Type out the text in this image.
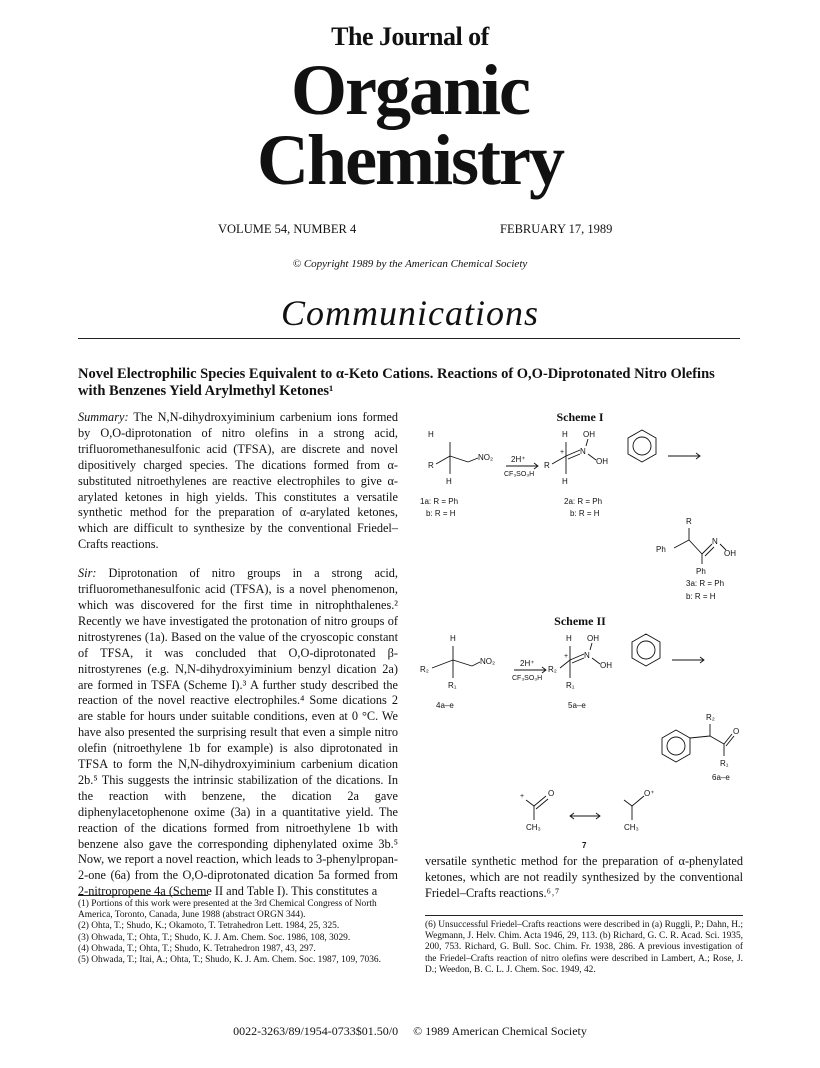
The Journal of
Organic
Chemistry
VOLUME 54, NUMBER 4	FEBRUARY 17, 1989
© Copyright 1989 by the American Chemical Society
Communications
Novel Electrophilic Species Equivalent to α-Keto Cations. Reactions of O,O-Diprotonated Nitro Olefins with Benzenes Yield Arylmethyl Ketones¹

Summary: The N,N-dihydroxyiminium carbenium ions formed by O,O-diprotonation of nitro olefins in a strong acid, trifluoromethanesulfonic acid (TFSA), are discrete and novel dipositively charged species. The dications formed from α-substituted nitroethylenes are reactive electrophiles to give α-arylated ketones in high yields. This constitutes a versatile synthetic method for the preparation of α-arylated ketones, which are difficult to synthesize by the conventional Friedel–Crafts reactions.

Sir: Diprotonation of nitro groups in a strong acid, trifluoromethanesulfonic acid (TFSA), is a novel phenomenon, which was discovered for the first time in nitrophthalenes.² Recently we have investigated the protonation of nitro groups of nitrostyrenes (1a). Based on the value of the cryoscopic constant of TFSA, it was concluded that O,O-diprotonated β-nitrostyrenes (e.g. N,N-dihydroxyiminium benzyl dication 2a) are formed in TSFA (Scheme I).³ A further study described the reaction of the novel reactive electrophiles.⁴ Some dications 2 are stable for hours under suitable conditions, even at 0 °C. We have also presented the surprising result that even a simple nitro olefin (nitroethylene 1b for example) is also diprotonated in TFSA to form the N,N-dihydroxyiminium carbenium dication 2b.⁵ This suggests the intrinsic stabilization of the dications. In the reaction with benzene, the dication 2a gave diphenylacetophenone oxime (3a) in a quantitative yield. The reaction of the dications formed from nitroethylene 1b with benzene also gave the corresponding diphenylated oxime 3b.⁵ Now, we report a novel reaction, which leads to 3-phenylpropan-2-one (6a) from the O,O-diprotonated dication 5a formed from 2-nitropropene 4a (Scheme II and Table I). This constitutes a

(1) Portions of this work were presented at the 3rd Chemical Congress of North America, Toronto, Canada, June 1988 (abstract ORGN 344).
(2) Ohta, T.; Shudo, K.; Okamoto, T. Tetrahedron Lett. 1984, 25, 325.
(3) Ohwada, T.; Ohta, T.; Shudo, K. J. Am. Chem. Soc. 1986, 108, 3029.
(4) Ohwada, T.; Ohta, T.; Shudo, K. Tetrahedron 1987, 43, 297.
(5) Ohwada, T.; Itai, A.; Ohta, T.; Shudo, K. J. Am. Chem. Soc. 1987, 109, 7036.
Scheme I
H
R
H
NO₂
1a: R = Ph
b: R = H
2H⁺
CF₃SO₃H
H OH
R
+
H
N
OH
2a: R = Ph
b: R = H
R
Ph
Ph
N
OH
3a: R = Ph
b: R = H
Scheme II
H
R₂
R₁
NO₂
4a–e
2H⁺
CF₃SO₃H
H OH
R₂
+
R₁
N
OH
5a–e
R₂
O
R₁
6a–e
+	O
CH₃
O⁺
CH₃
7

versatile synthetic method for the preparation of α-phenylated ketones, which are not readily synthesized by the conventional Friedel–Crafts reactions.⁶˒⁷

(6) Unsuccessful Friedel–Crafts reactions were described in (a) Ruggli, P.; Dahn, H.; Wegmann, J. Helv. Chim. Acta 1946, 29, 113. (b) Richard, G. C. R. Acad. Sci. 1935, 200, 753. Richard, G. Bull. Soc. Chim. Fr. 1938, 286. A previous investigation of the Friedel–Crafts reaction of nitro olefins were described in Lambert, A.; Rose, J. D.; Weedon, B. C. L. J. Chem. Soc. 1949, 42.
0022-3263/89/1954-0733$01.50/0 © 1989 American Chemical Society
